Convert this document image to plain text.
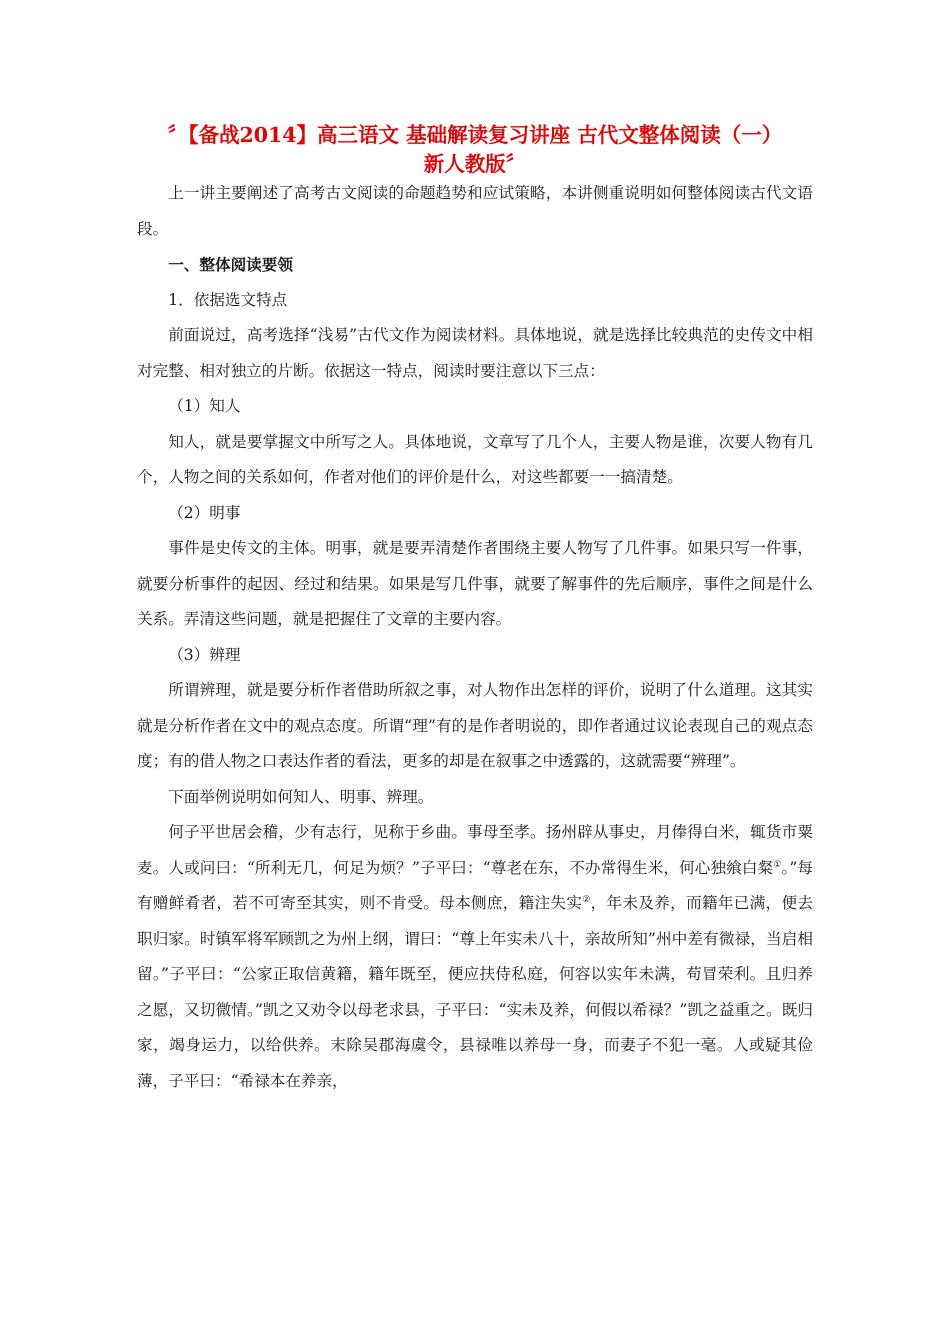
〞【备战2014】高三语文 基础解读复习讲座 古代文整体阅读（一）
新人教版〞

上一讲主要阐述了高考古文阅读的命题趋势和应试策略，本讲侧重说明如何整体阅读古代文语段。

一、整体阅读要领

1．依据选文特点

前面说过，高考选择“浅易”古代文作为阅读材料。具体地说，就是选择比较典范的史传文中相对完整、相对独立的片断。依据这一特点，阅读时要注意以下三点：

（1）知人

知人，就是要掌握文中所写之人。具体地说，文章写了几个人，主要人物是谁，次要人物有几个，人物之间的关系如何，作者对他们的评价是什么，对这些都要一一搞清楚。

（2）明事

事件是史传文的主体。明事，就是要弄清楚作者围绕主要人物写了几件事。如果只写一件事，就要分析事件的起因、经过和结果。如果是写几件事，就要了解事件的先后顺序，事件之间是什么关系。弄清这些问题，就是把握住了文章的主要内容。

（3）辨理

所谓辨理，就是要分析作者借助所叙之事，对人物作出怎样的评价，说明了什么道理。这其实就是分析作者在文中的观点态度。所谓“理”有的是作者明说的，即作者通过议论表现自己的观点态度；有的借人物之口表达作者的看法，更多的却是在叙事之中透露的，这就需要“辨理”。

下面举例说明如何知人、明事、辨理。

何子平世居会稽，少有志行，见称于乡曲。事母至孝。扬州辟从事史，月俸得白米，辄货市粟麦。人或问曰：“所利无几，何足为烦？”子平曰：“尊老在东，不办常得生米，何心独飨白粲①。”每有赠鲜肴者，若不可寄至其实，则不肯受。母本侧庶，籍注失实②，年未及养，而籍年已满，便去职归家。时镇军将军顾凯之为州上纲，谓曰：“尊上年实未八十，亲故所知”州中差有微禄，当启相留。”子平曰：“公家正取信黄籍，籍年既至，便应扶侍私庭，何容以实年未满，苟冒荣利。且归养之愿，又切微情。”凯之又劝令以母老求县，子平曰：“实未及养，何假以希禄？”凯之益重之。既归家，竭身运力，以给供养。末除吴郡海虞令，县禄唯以养母一身，而妻子不犯一毫。人或疑其俭薄，子平曰：“希禄本在养亲，
